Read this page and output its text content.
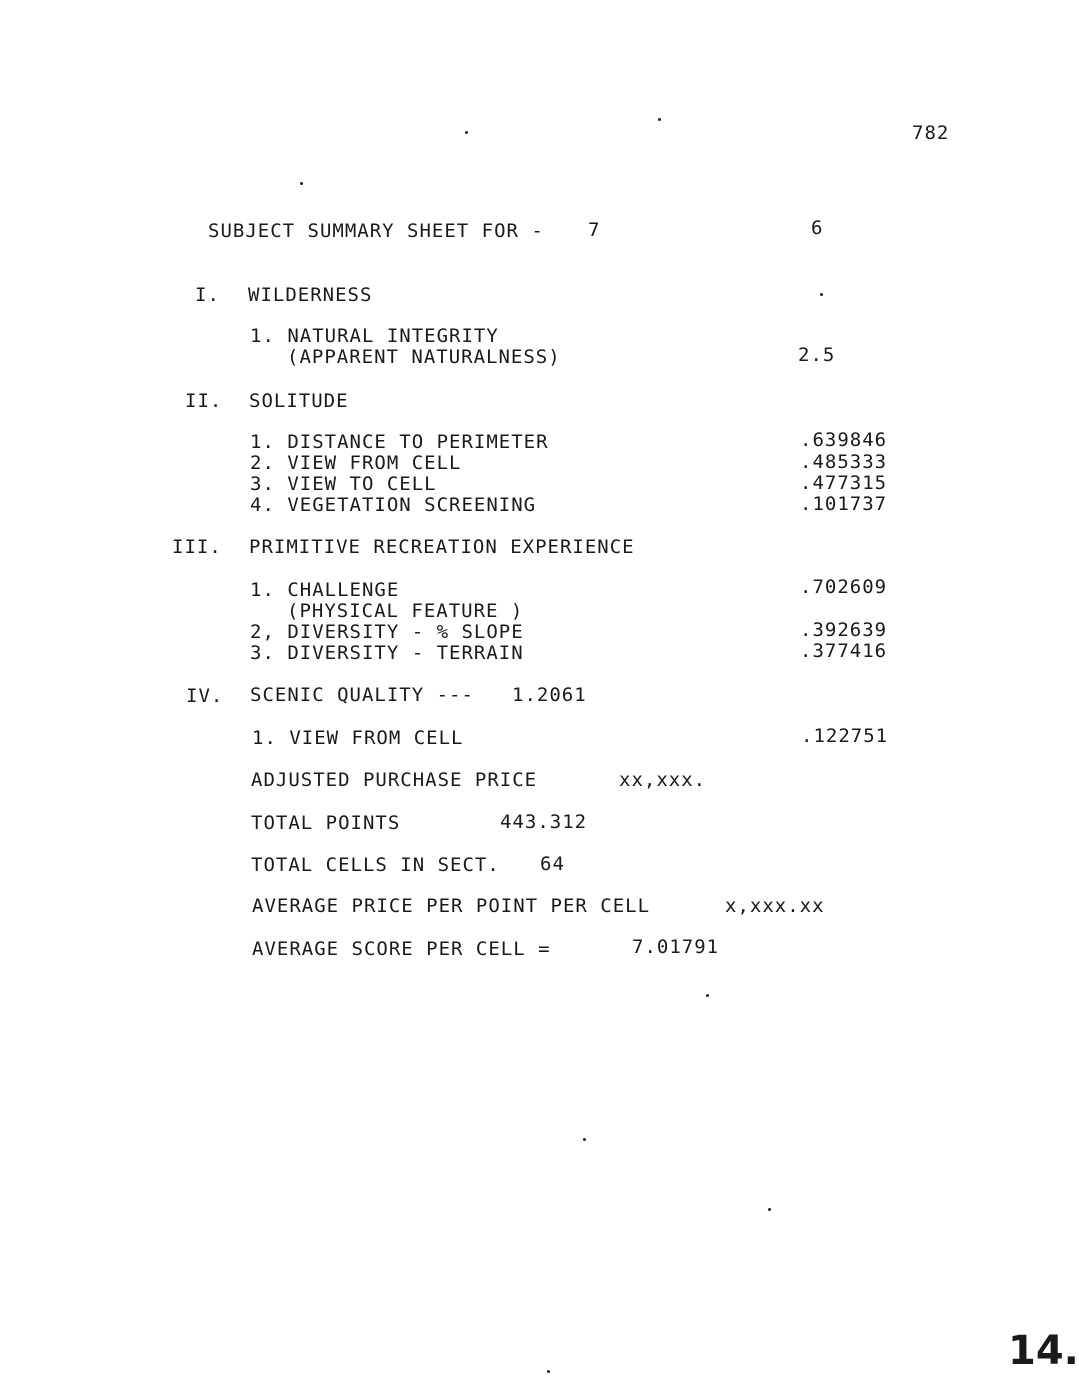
782
SUBJECT SUMMARY SHEET FOR - 7	6
I. WILDERNESS
1. NATURAL INTEGRITY
(APPARENT NATURALNESS)	2.5
II. SOLITUDE
1. DISTANCE TO PERIMETER	.639846
2. VIEW FROM CELL	.485333
3. VIEW TO CELL	.477315
4. VEGETATION SCREENING	.101737
III. PRIMITIVE RECREATION EXPERIENCE
1. CHALLENGE	.702609
(PHYSICAL FEATURE )
2, DIVERSITY - % SLOPE	.392639
3. DIVERSITY - TERRAIN	.377416
IV. SCENIC QUALITY --- 1.2061
1. VIEW FROM CELL	.122751
ADJUSTED PURCHASE PRICE	xx,xxx.
TOTAL POINTS	443.312
TOTAL CELLS IN SECT. 64
AVERAGE PRICE PER POINT PER CELL	x,xxx.xx
AVERAGE SCORE PER CELL =	7.01791
14.
